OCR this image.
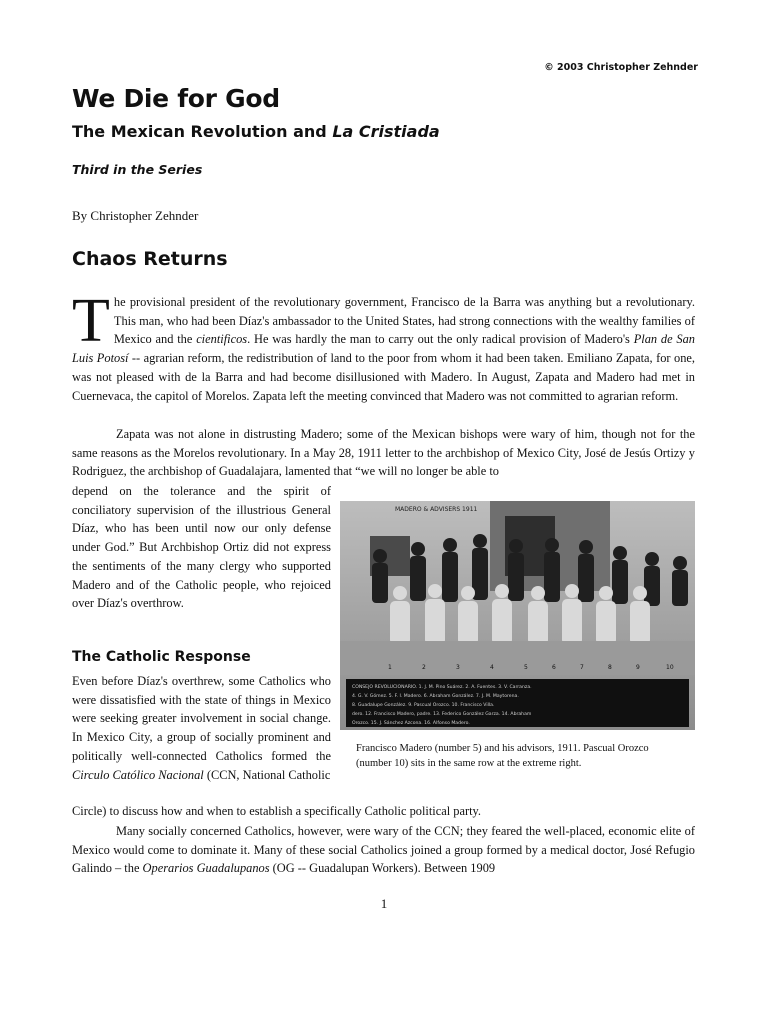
© 2003 Christopher Zehnder
We Die for God
The Mexican Revolution and La Cristiada
Third in the Series
By Christopher Zehnder
Chaos Returns

The provisional president of the revolutionary government, Francisco de la Barra was anything but a revolutionary. This man, who had been Díaz's ambassador to the United States, had strong connections with the wealthy families of Mexico and the cientificos. He was hardly the man to carry out the only radical provision of Madero's Plan de San Luis Potosí -- agrarian reform, the redistribution of land to the poor from whom it had been taken. Emiliano Zapata, for one, was not pleased with de la Barra and had become disillusioned with Madero. In August, Zapata and Madero had met in Cuernevaca, the capitol of Morelos. Zapata left the meeting convinced that Madero was not committed to agrarian reform.

Zapata was not alone in distrusting Madero; some of the Mexican bishops were wary of him, though not for the same reasons as the Morelos revolutionary. In a May 28, 1911 letter to the archbishop of Mexico City, José de Jesús Ortizy y Rodriguez, the archbishop of Guadalajara, lamented that “we will no longer be able to

depend on the tolerance and the spirit of conciliatory supervision of the illustrious General Díaz, who has been until now our only defense under God.” But Archbishop Ortiz did not express the sentiments of the many clergy who supported Madero and of the Catholic people, who rejoiced over Díaz's overthrow.

The Catholic Response

Even before Díaz's overthrew, some Catholics who were dissatisfied with the state of things in Mexico were seeking greater involvement in social change. In Mexico City, a group of socially prominent and politically well-connected Catholics formed the Circulo Católico Nacional (CCN, National Catholic

Circle) to discuss how and when to establish a specifically Catholic political party.

Many socially concerned Catholics, however, were wary of the CCN; they feared the well-placed, economic elite of Mexico would come to dominate it. Many of these social Catholics joined a group formed by a medical doctor, José Refugio Galindo – the Operarios Guadalupanos (OG -- Guadalupan Workers). Between 1909

MADERO & ADVISERS 1911
1	2	3	4	5	6	7	8	9	10
CONSEJO REVOLUCIONARIO. 1. J. M. Pino Suárez. 2. A. Fuentes. 3. V. Carranza.
4. G. V. Gómez. 5. F. I. Madero. 6. Abraham González. 7. J. M. Maytorena.
8. Guadalupe González. 9. Pascual Orozco. 10. Francisco Villa.
dero. 12. Francisco Madero, padre. 13. Federico González Garza. 14. Abraham
Orozco. 15. J. Sánchez Azcona. 16. Alfonso Madero.
Francisco Madero (number 5) and his advisors, 1911. Pascual Orozco (number 10) sits in the same row at the extreme right.
1
